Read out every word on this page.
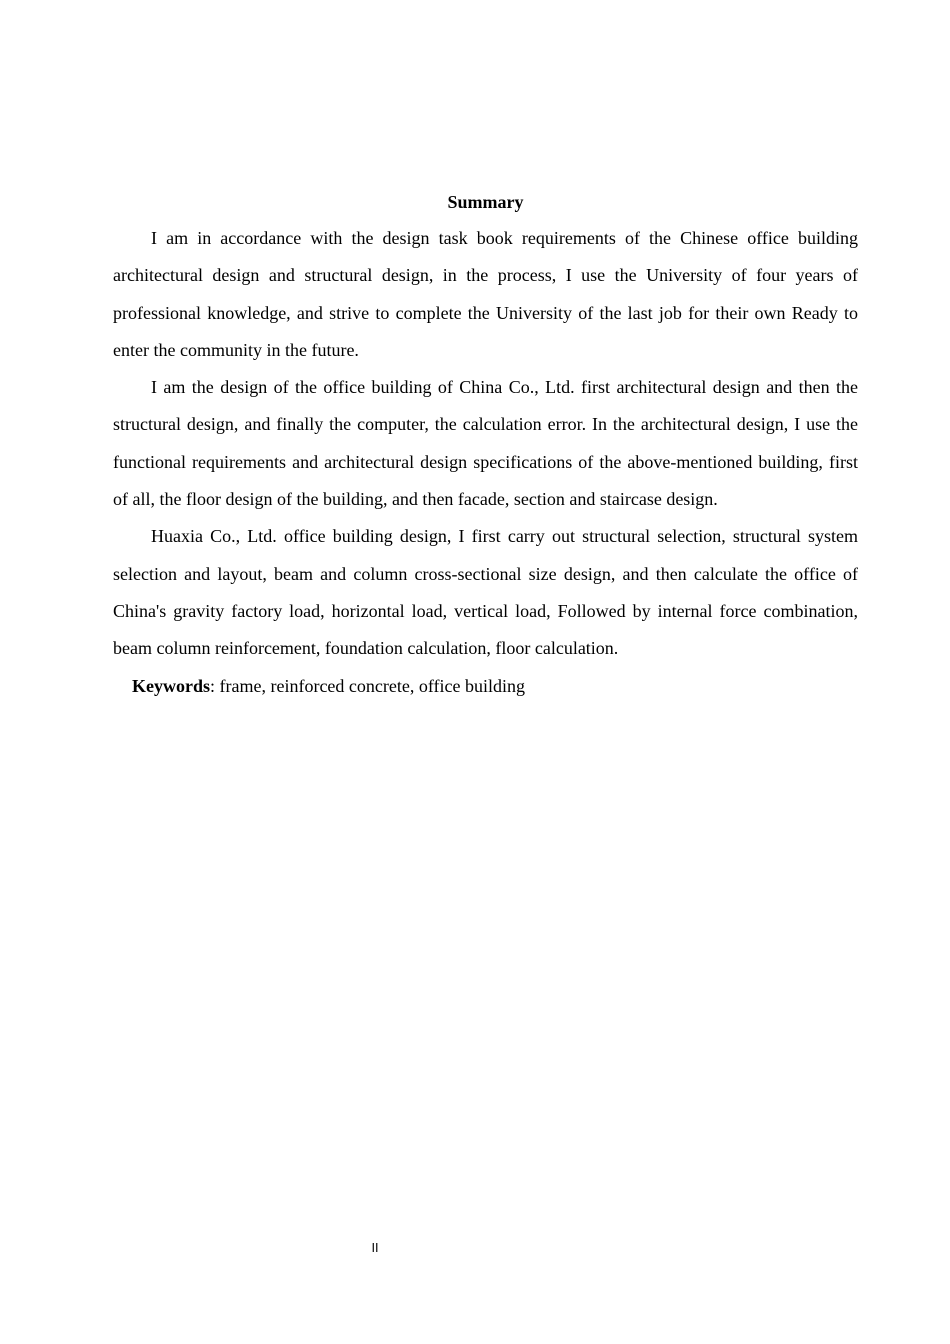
Summary

I am in accordance with the design task book requirements of the Chinese office building architectural design and structural design, in the process, I use the University of four years of professional knowledge, and strive to complete the University of the last job for their own Ready to enter the community in the future.

I am the design of the office building of China Co., Ltd. first architectural design and then the structural design, and finally the computer, the calculation error. In the architectural design, I use the functional requirements and architectural design specifications of the above-mentioned building, first of all, the floor design of the building, and then facade, section and staircase design.

Huaxia Co., Ltd. office building design, I first carry out structural selection, structural system selection and layout, beam and column cross-sectional size design, and then calculate the office of China's gravity factory load, horizontal load, vertical load, Followed by internal force combination, beam column reinforcement, foundation calculation, floor calculation.

Keywords: frame, reinforced concrete, office building

II
